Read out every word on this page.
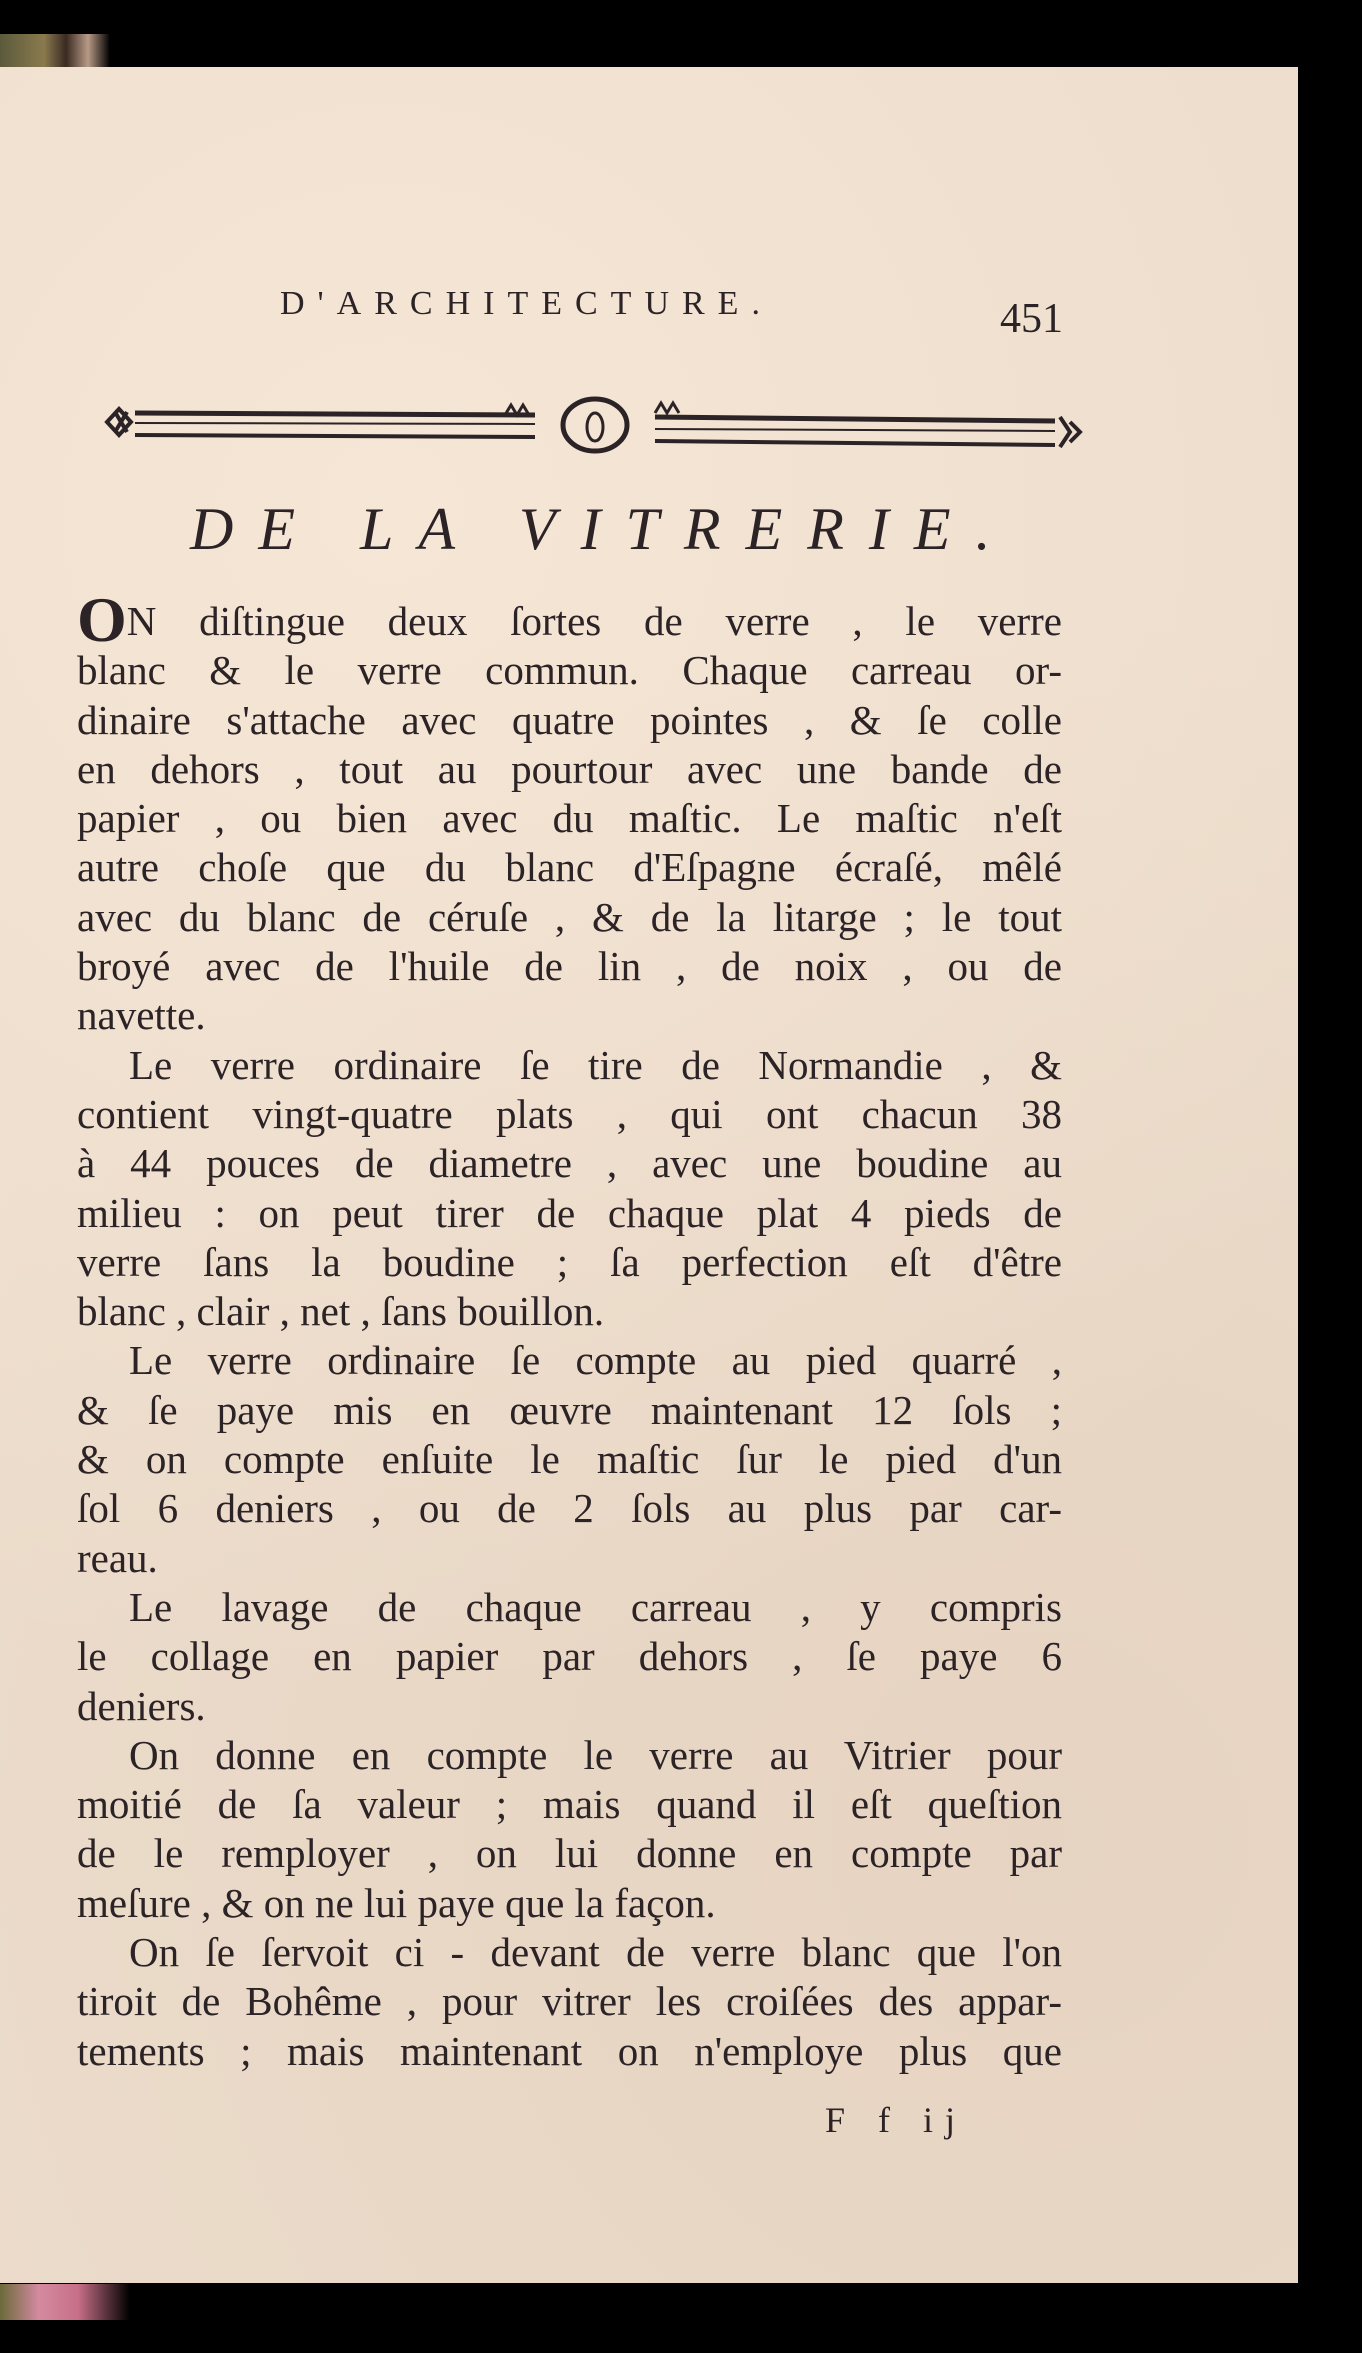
D'ARCHITECTURE.	451
DE LA VITRERIE.
ON diſtingue deux ſortes de verre , le verre
blanc & le verre commun. Chaque carreau or-
dinaire s'attache avec quatre pointes , & ſe colle
en dehors , tout au pourtour avec une bande de
papier , ou bien avec du maſtic. Le maſtic n'eſt
autre choſe que du blanc d'Eſpagne écraſé, mêlé
avec du blanc de céruſe , & de la litarge ; le tout
broyé avec de l'huile de lin , de noix , ou de
navette.
Le verre ordinaire ſe tire de Normandie , &
contient vingt-quatre plats , qui ont chacun 38
à 44 pouces de diametre , avec une boudine au
milieu : on peut tirer de chaque plat 4 pieds de
verre ſans la boudine ; ſa perfection eſt d'être
blanc , clair , net , ſans bouillon.
Le verre ordinaire ſe compte au pied quarré ,
& ſe paye mis en œuvre maintenant 12 ſols ;
& on compte enſuite le maſtic ſur le pied d'un
ſol 6 deniers , ou de 2 ſols au plus par car-
reau.
Le lavage de chaque carreau , y compris
le collage en papier par dehors , ſe paye 6
deniers.
On donne en compte le verre au Vitrier pour
moitié de ſa valeur ; mais quand il eſt queſtion
de le remployer , on lui donne en compte par
meſure , & on ne lui paye que la façon.
On ſe ſervoit ci - devant de verre blanc que l'on
tiroit de Bohême , pour vitrer les croiſées des appar-
tements ; mais maintenant on n'employe plus que
F f ij
